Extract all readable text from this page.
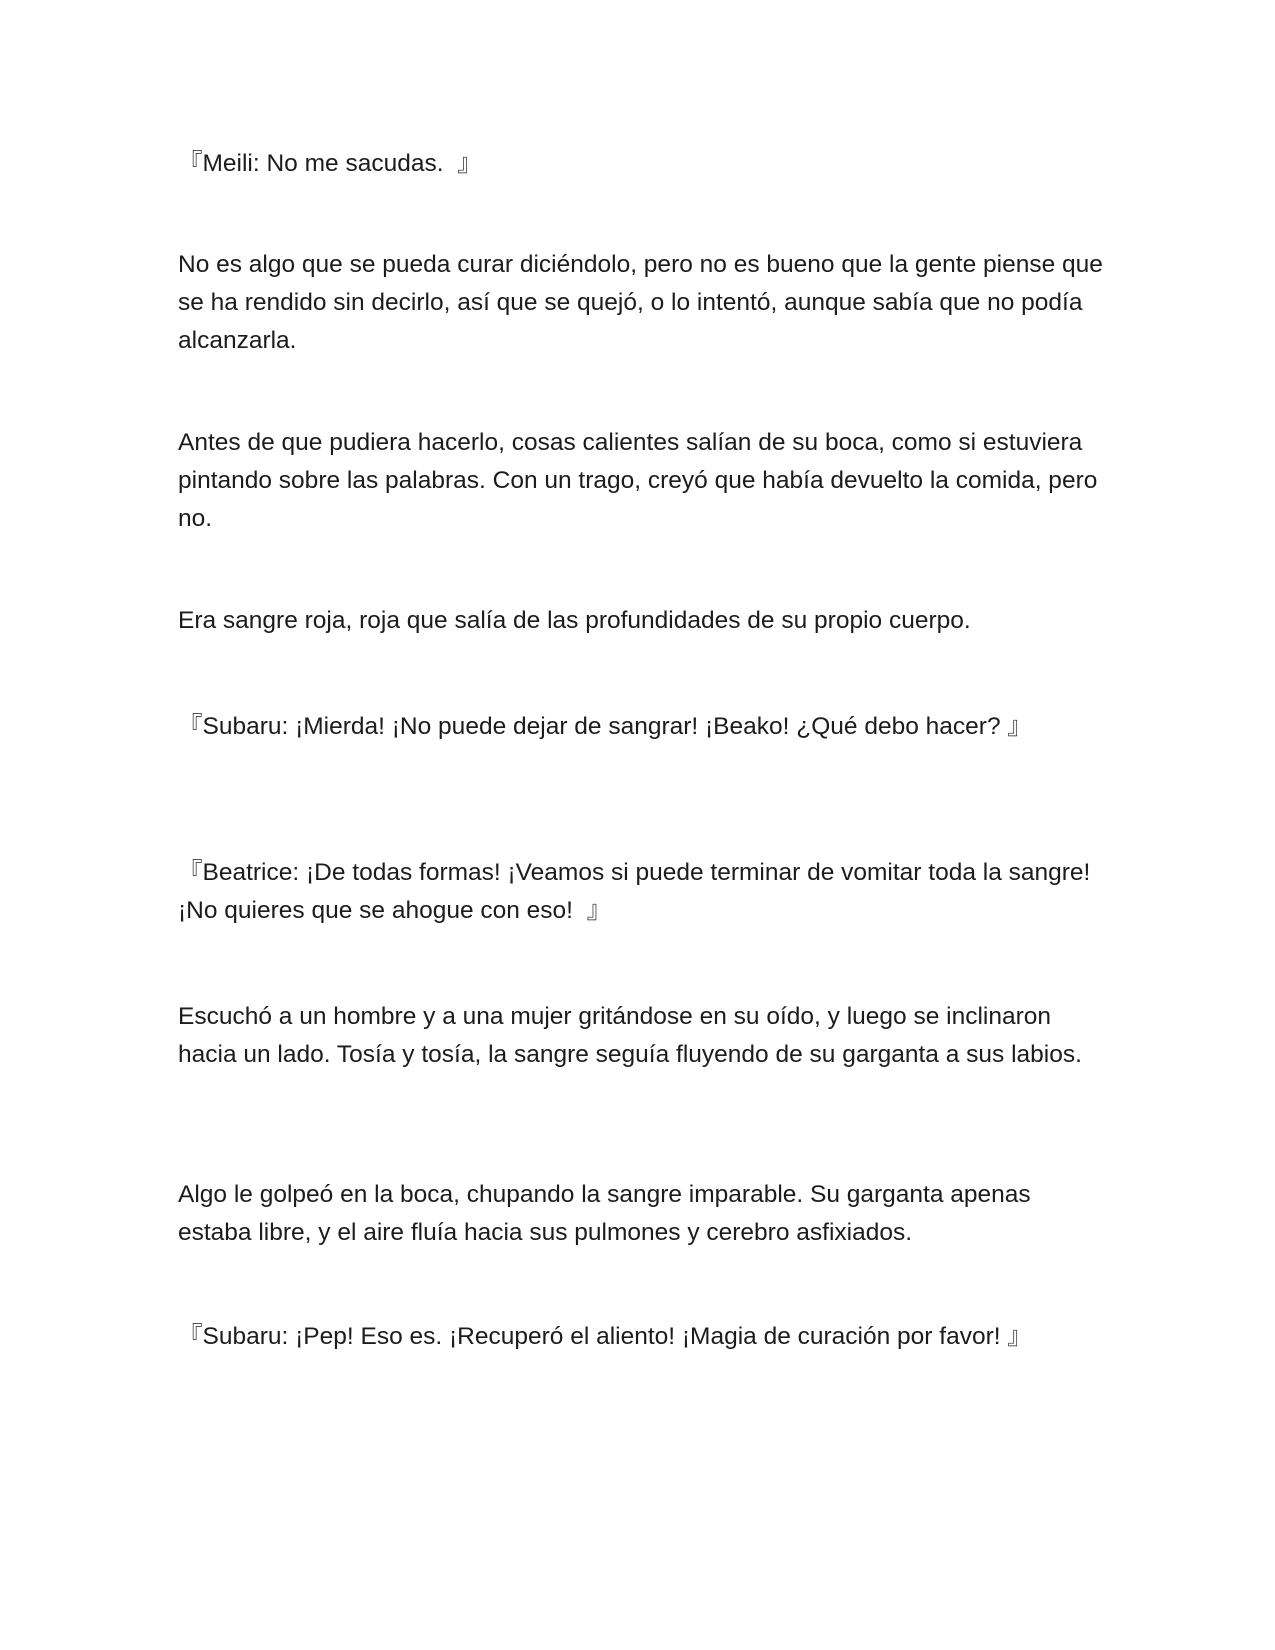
『Meili: No me sacudas.  』

No es algo que se pueda curar diciéndolo, pero no es bueno que la gente piense que se ha rendido sin decirlo, así que se quejó, o lo intentó, aunque sabía que no podía alcanzarla.

Antes de que pudiera hacerlo, cosas calientes salían de su boca, como si estuviera pintando sobre las palabras. Con un trago, creyó que había devuelto la comida, pero no.

Era sangre roja, roja que salía de las profundidades de su propio cuerpo.

『Subaru: ¡Mierda! ¡No puede dejar de sangrar! ¡Beako! ¿Qué debo hacer? 』

『Beatrice: ¡De todas formas! ¡Veamos si puede terminar de vomitar toda la sangre! ¡No quieres que se ahogue con eso!  』

Escuchó a un hombre y a una mujer gritándose en su oído, y luego se inclinaron hacia un lado. Tosía y tosía, la sangre seguía fluyendo de su garganta a sus labios.

Algo le golpeó en la boca, chupando la sangre imparable. Su garganta apenas estaba libre, y el aire fluía hacia sus pulmones y cerebro asfixiados.

『Subaru: ¡Pep! Eso es. ¡Recuperó el aliento! ¡Magia de curación por favor! 』
